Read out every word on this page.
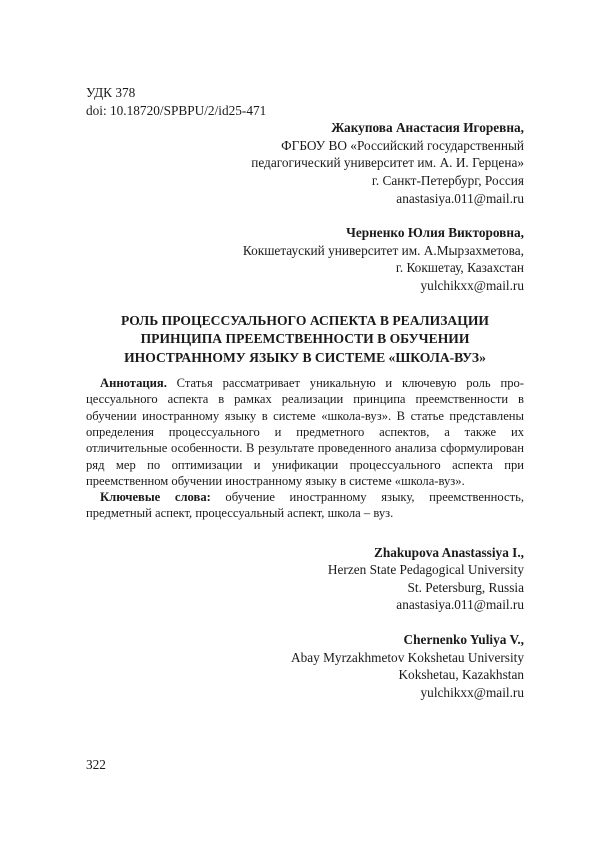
УДК 378
doi: 10.18720/SPBPU/2/id25-471
Жакупова Анастасия Игоревна,
ФГБОУ ВО «Российский государственный
педагогический университет им. А. И. Герцена»
г. Санкт-Петербург, Россия
anastasiya.011@mail.ru
Черненко Юлия Викторовна,
Кокшетауский университет им. А.Мырзахметова,
г. Кокшетау, Казахстан
yulchikxx@mail.ru
РОЛЬ ПРОЦЕССУАЛЬНОГО АСПЕКТА В РЕАЛИЗАЦИИ
ПРИНЦИПА ПРЕЕМСТВЕННОСТИ В ОБУЧЕНИИ
ИНОСТРАННОМУ ЯЗЫКУ В СИСТЕМЕ «ШКОЛА-ВУЗ»
Аннотация. Статья рассматривает уникальную и ключевую роль процессуального аспекта в рамках реализации принципа преемственности в обучении иностранному языку в системе «школа-вуз». В статье представлены определения процессуального и предметного аспектов, а также их отличительные особенности. В результате проведенного анализа сформулирован ряд мер по оптимизации и унификации процессуального аспекта при преемственном обучении иностранному языку в системе «школа-вуз».
Ключевые слова: обучение иностранному языку, преемственность, предметный аспект, процессуальный аспект, школа – вуз.
Zhakupova Anastassiya I.,
Herzen State Pedagogical University
St. Petersburg, Russia
anastasiya.011@mail.ru
Chernenko Yuliya V.,
Abay Myrzakhmetov Kokshetau University
Kokshetau, Kazakhstan
yulchikxx@mail.ru
322
